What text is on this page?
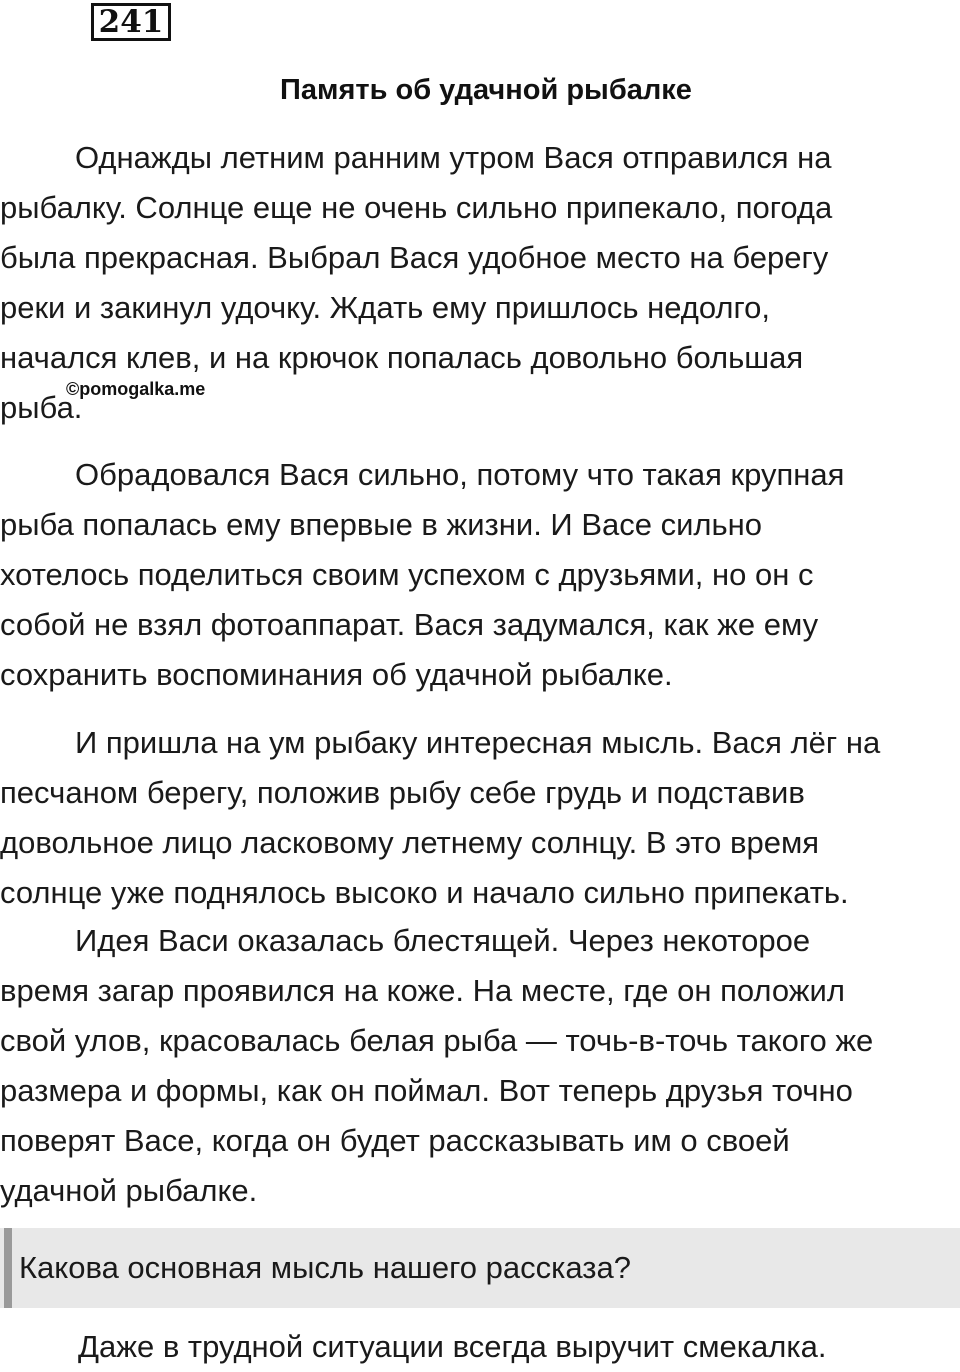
241
Память об удачной рыбалке
Однажды летним ранним утром Вася отправился на
рыбалку. Солнце еще не очень сильно припекало, погода
была прекрасная. Выбрал Вася удобное место на берегу
реки и закинул удочку. Ждать ему пришлось недолго,
начался клев, и на крючок попалась довольно большая
рыба.
©pomogalka.me
Обрадовался Вася сильно, потому что такая крупная
рыба попалась ему впервые в жизни. И Васе сильно
хотелось поделиться своим успехом с друзьями, но он с
собой не взял фотоаппарат. Вася задумался, как же ему
сохранить воспоминания об удачной рыбалке.
И пришла на ум рыбаку интересная мысль. Вася лёг на
песчаном берегу, положив рыбу себе грудь и подставив
довольное лицо ласковому летнему солнцу. В это время
солнце уже поднялось высоко и начало сильно припекать.
Идея Васи оказалась блестящей. Через некоторое
время загар проявился на коже. На месте, где он положил
свой улов, красовалась белая рыба — точь-в-точь такого же
размера и формы, как он поймал. Вот теперь друзья точно
поверят Васе, когда он будет рассказывать им о своей
удачной рыбалке.
Какова основная мысль нашего рассказа?
Даже в трудной ситуации всегда выручит смекалка.
